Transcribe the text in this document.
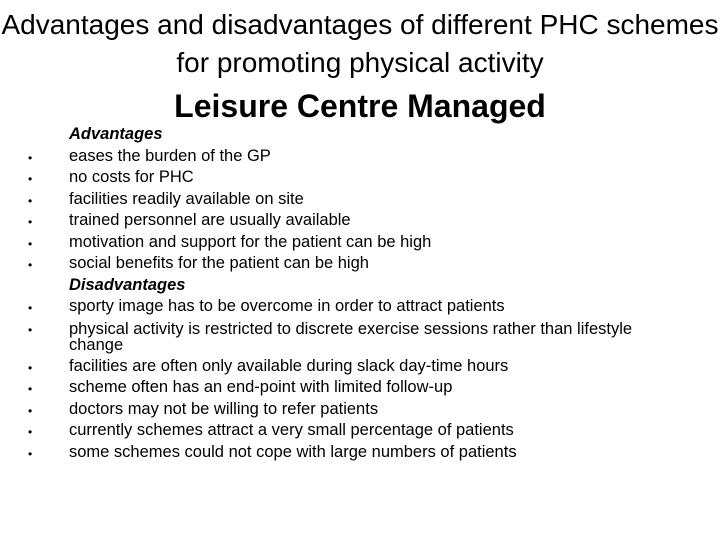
Advantages and disadvantages of different PHC schemes for promoting physical activity
Leisure Centre Managed
Advantages
• eases the burden of the GP
• no costs for PHC
• facilities readily available on site
• trained personnel are usually available
• motivation and support for the patient can be high
• social benefits for the patient can be high
Disadvantages
• sporty image has to be overcome in order to attract patients
• physical activity is restricted to discrete exercise sessions rather than lifestyle change
• facilities are often only available during slack day-time hours
• scheme often has an end-point with limited follow-up
• doctors may not be willing to refer patients
• currently schemes attract a very small percentage of patients
• some schemes could not cope with large numbers of patients
